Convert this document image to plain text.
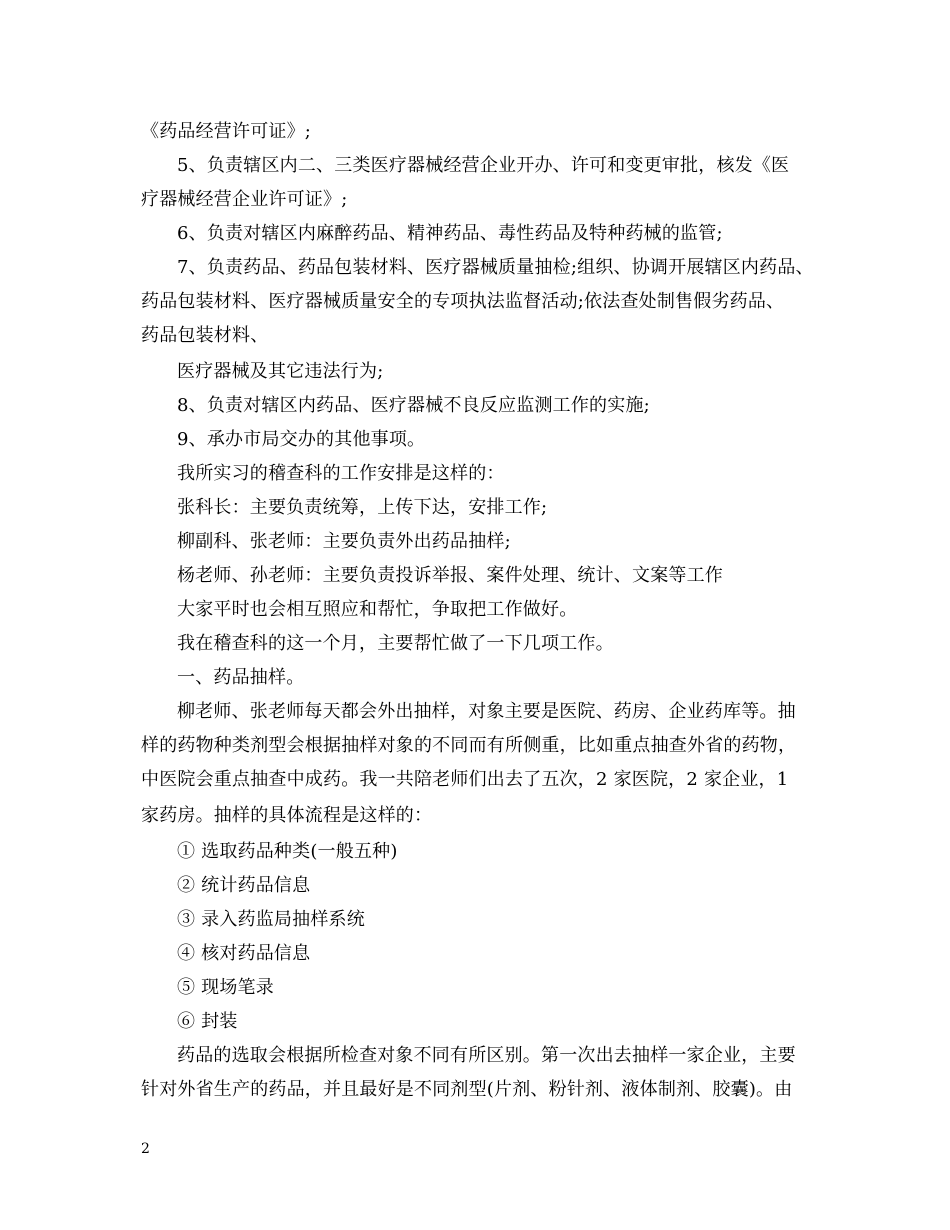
《药品经营许可证》;
5、负责辖区内二、三类医疗器械经营企业开办、许可和变更审批，核发《医
疗器械经营企业许可证》;
6、负责对辖区内麻醉药品、精神药品、毒性药品及特种药械的监管;
7、负责药品、药品包装材料、医疗器械质量抽检;组织、协调开展辖区内药品、
药品包装材料、医疗器械质量安全的专项执法监督活动;依法查处制售假劣药品、
药品包装材料、
医疗器械及其它违法行为;
8、负责对辖区内药品、医疗器械不良反应监测工作的实施;
9、承办市局交办的其他事项。
我所实习的稽查科的工作安排是这样的：
张科长：主要负责统筹，上传下达，安排工作;
柳副科、张老师：主要负责外出药品抽样;
杨老师、孙老师：主要负责投诉举报、案件处理、统计、文案等工作
大家平时也会相互照应和帮忙，争取把工作做好。
我在稽查科的这一个月，主要帮忙做了一下几项工作。
一、药品抽样。
柳老师、张老师每天都会外出抽样，对象主要是医院、药房、企业药库等。抽
样的药物种类剂型会根据抽样对象的不同而有所侧重，比如重点抽查外省的药物，
中医院会重点抽查中成药。我一共陪老师们出去了五次，2 家医院，2 家企业，1
家药房。抽样的具体流程是这样的：
① 选取药品种类(一般五种)
② 统计药品信息
③ 录入药监局抽样系统
④ 核对药品信息
⑤ 现场笔录
⑥ 封装
药品的选取会根据所检查对象不同有所区别。第一次出去抽样一家企业，主要
针对外省生产的药品，并且最好是不同剂型(片剂、粉针剂、液体制剂、胶囊)。由
2
